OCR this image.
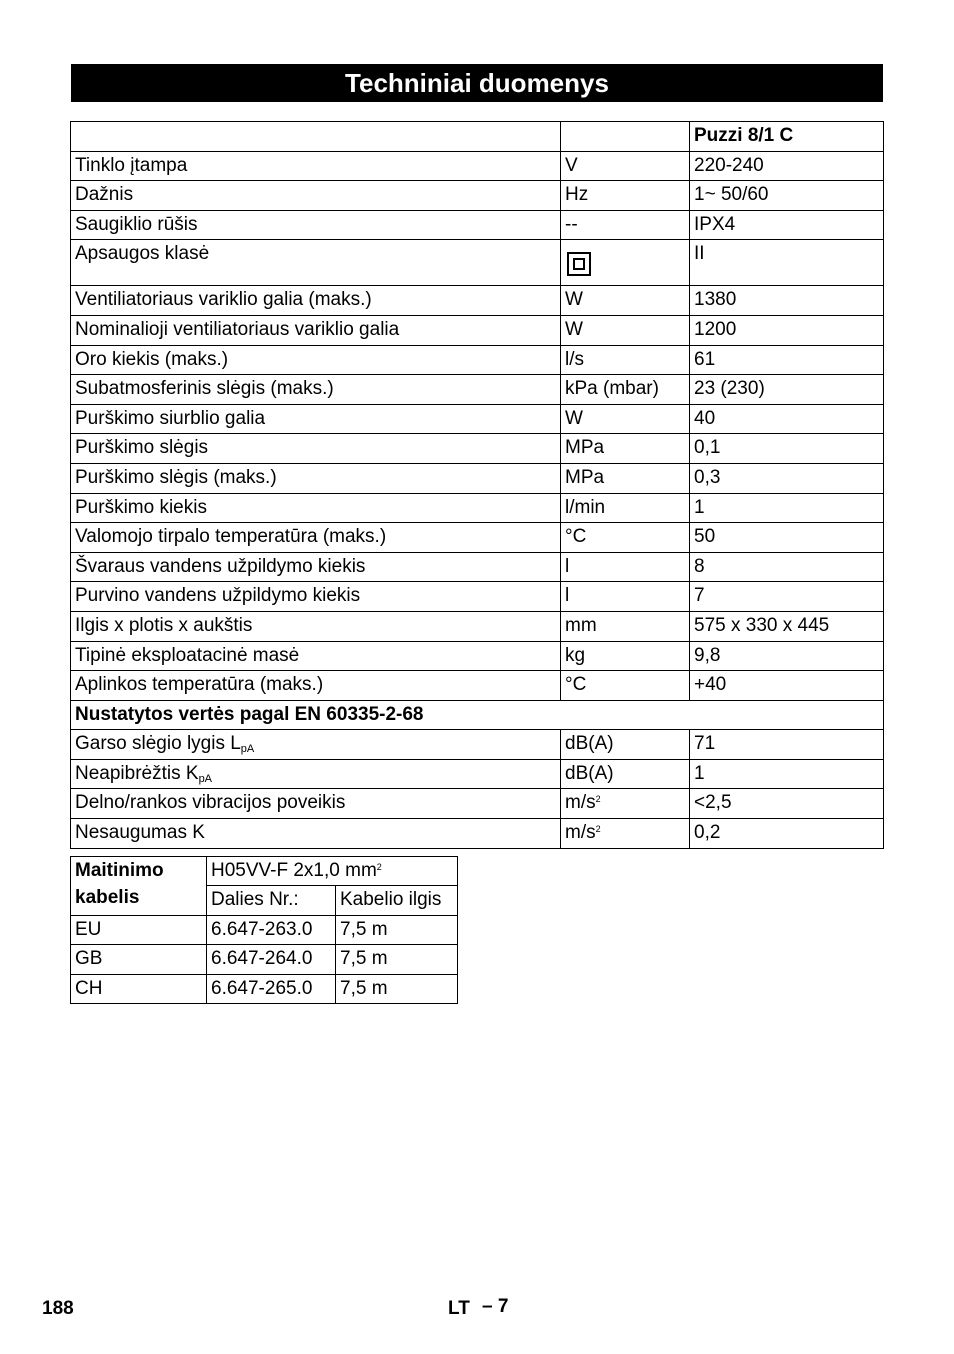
Techniniai duomenys
		Puzzi 8/1 C
Tinklo įtampa	V	220-240
Dažnis	Hz	1~ 50/60
Saugiklio rūšis	--	IPX4
Apsaugos klasė		II
Ventiliatoriaus variklio galia (maks.)	W	1380
Nominalioji ventiliatoriaus variklio galia	W	1200
Oro kiekis (maks.)	l/s	61
Subatmosferinis slėgis (maks.)	kPa (mbar)	23 (230)
Purškimo siurblio galia	W	40
Purškimo slėgis	MPa	0,1
Purškimo slėgis (maks.)	MPa	0,3
Purškimo kiekis	l/min	1
Valomojo tirpalo temperatūra (maks.)	°C	50
Švaraus vandens užpildymo kiekis	l	8
Purvino vandens užpildymo kiekis	l	7
Ilgis x plotis x aukštis	mm	575 x 330 x 445
Tipinė eksploatacinė masė	kg	9,8
Aplinkos temperatūra (maks.)	°C	+40
Nustatytos vertės pagal EN 60335-2-68		
Garso slėgio lygis $L_{pA}$	dB(A)	71
Neapibrėžtis $K_{pA}$	dB(A)	1
Delno/rankos vibracijos poveikis	$m/s^2$	<2,5
Nesaugumas K	$m/s^2$	0,2
Maitinimo kabelis	H05VV-F 2x1,0 $mm^2$
	Dalies Nr.:	Kabelio ilgis
EU	6.647-263.0	7,5 m
GB	6.647-264.0	7,5 m
CH	6.647-265.0	7,5 m
188	LT – 7
